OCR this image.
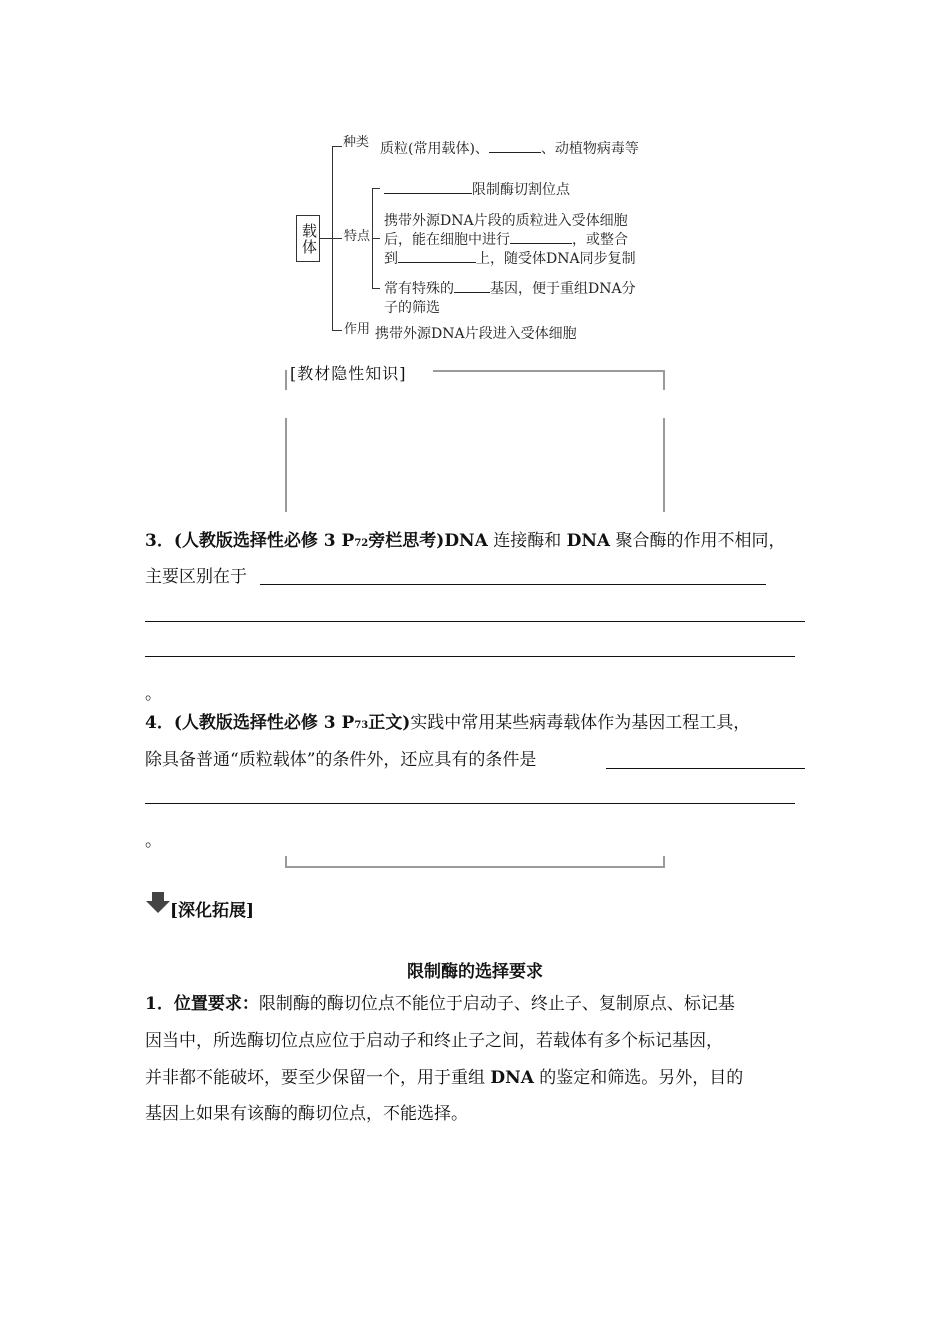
载体
种类
特点
作用
质粒(常用载体)、	、动植物病毒等
限制酶切割位点
携带外源DNA片段的质粒进入受体细胞
后，能在细胞中进行	，或整合
到	上，随受体DNA同步复制
常有特殊的	基因，便于重组DNA分
子的筛选
携带外源DNA片段进入受体细胞
[教材隐性知识]
3．(人教版选择性必修 3 P72旁栏思考)DNA 连接酶和 DNA 聚合酶的作用不相同，
主要区别在于
。
4．(人教版选择性必修 3 P73正文)实践中常用某些病毒载体作为基因工程工具，
除具备普通“质粒载体”的条件外，还应具有的条件是
。
[深化拓展]
限制酶的选择要求
1．位置要求：限制酶的酶切位点不能位于启动子、终止子、复制原点、标记基
因当中，所选酶切位点应位于启动子和终止子之间，若载体有多个标记基因，
并非都不能破坏，要至少保留一个，用于重组 DNA 的鉴定和筛选。另外，目的
基因上如果有该酶的酶切位点，不能选择。
